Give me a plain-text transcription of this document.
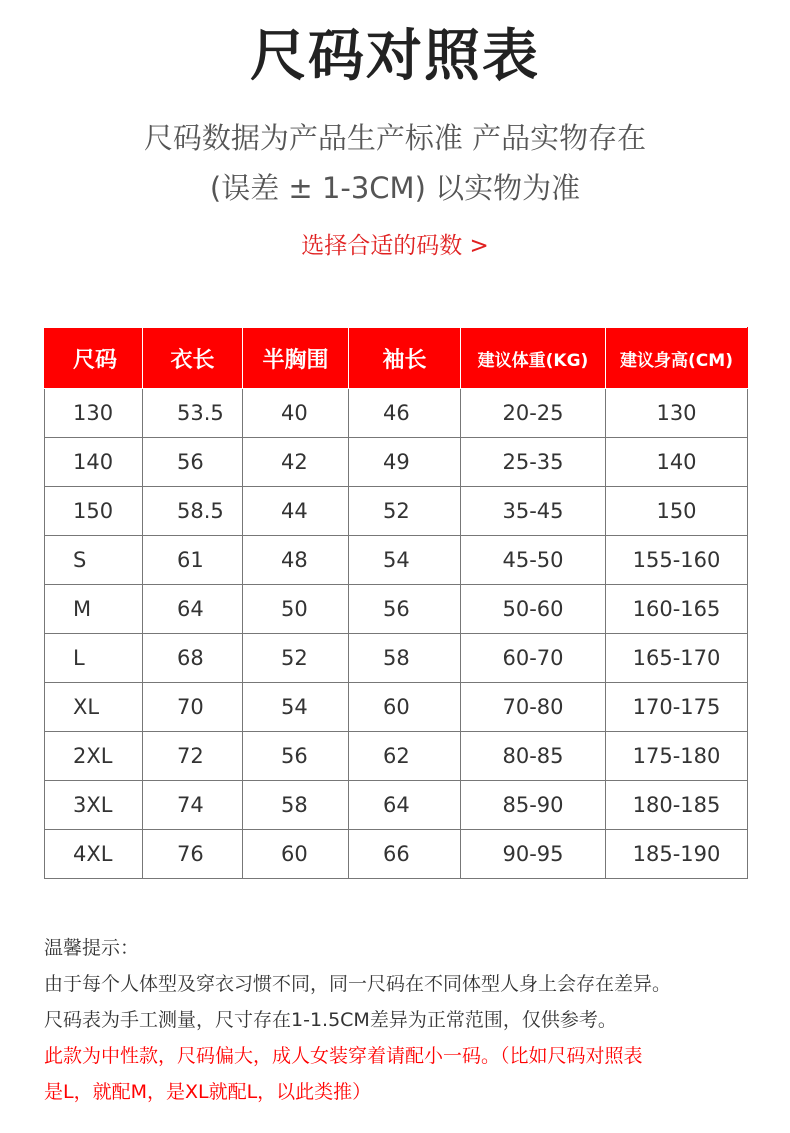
尺码对照表
尺码数据为产品生产标准 产品实物存在
(误差 ± 1-3CM) 以实物为准
选择合适的码数 >
尺码	衣长	半胸围	袖长	建议体重(KG)	建议身高(CM)
130	53.5	40	46	20-25	130
140	56	42	49	25-35	140
150	58.5	44	52	35-45	150
S	61	48	54	45-50	155-160
M	64	50	56	50-60	160-165
L	68	52	58	60-70	165-170
XL	70	54	60	70-80	170-175
2XL	72	56	62	80-85	175-180
3XL	74	58	64	85-90	180-185
4XL	76	60	66	90-95	185-190
温馨提示：
由于每个人体型及穿衣习惯不同，同一尺码在不同体型人身上会存在差异。
尺码表为手工测量，尺寸存在1-1.5CM差异为正常范围，仅供参考。
此款为中性款，尺码偏大，成人女装穿着请配小一码。（比如尺码对照表
是L，就配M，是XL就配L，以此类推）
